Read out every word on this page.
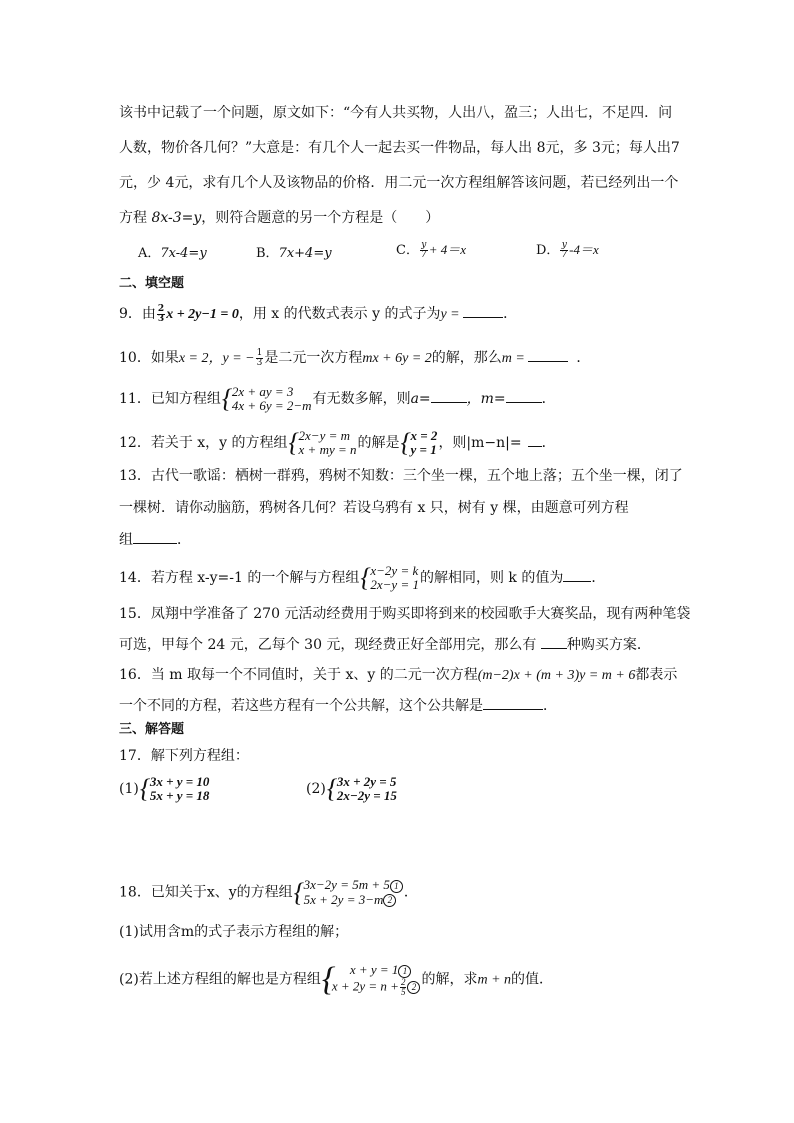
该书中记载了一个问题，原文如下：“今有人共买物，人出八，盈三；人出七，不足四．问
人数，物价各几何？”大意是：有几个人一起去买一件物品，每人出 8元，多 3元；每人出7
元，少 4元，求有几个人及该物品的价格．用二元一次方程组解答该问题，若已经列出一个
方程 8x-3=y，则符合题意的另一个方程是（　　）
A．7x-4=y	B．7x+4=y	C． $\frac{y}{7} + 4=x$	D． $\frac{y}{7} -4=x$
二、填空题
9．由 $\frac{2}{3}$ x + 2y−1 = 0，用 x 的代数式表示 y 的式子为y =	．
10．如果x = 2，y = − $\frac{1}{3}$ 是二元一次方程mx + 6y = 2的解，那么m =	．
11．已知方程组 { 2x + ay = 3
4x + 6y = 2−m 有无数多解，则a=	，m=	．
12．若关于 x，y 的方程组 { 2x−y = m
x + my = n 的解是 { x = 2
y = 1 ，则|m−n|= ．
13．古代一歌谣：栖树一群鸦，鸦树不知数：三个坐一棵，五个地上落；五个坐一棵，闭了
一棵树．请你动脑筋，鸦树各几何？若设乌鸦有 x 只，树有 y 棵，由题意可列方程
组	．
14．若方程 x-y=-1 的一个解与方程组 { x−2y = k
2x−y = 1 的解相同，则 k 的值为 ．
15．凤翔中学准备了 270 元活动经费用于购买即将到来的校园歌手大赛奖品，现有两种笔袋
可选，甲每个 24 元，乙每个 30 元，现经费正好全部用完，那么有 种购买方案．
16．当 m 取每一个不同值时，关于 x、y 的二元一次方程(m−2)x + (m + 3)y = m + 6都表示
一个不同的方程，若这些方程有一个公共解，这个公共解是	．
三、解答题
17．解下列方程组：
(1) { 3x + y = 10
5x + y = 18	(2) { 3x + 2y = 5
2x−2y = 15
18．已知关于x、y的方程组 { 3x−2y = 5m + 5 1
5x + 2y = 3−m 2 ．
(1)试用含m的式子表示方程组的解；
(2)若上述方程组的解也是方程组 {	x + y = 1 1
$x + 2y = n + \frac{2}{5} 2$ 的解，求m + n的值．
